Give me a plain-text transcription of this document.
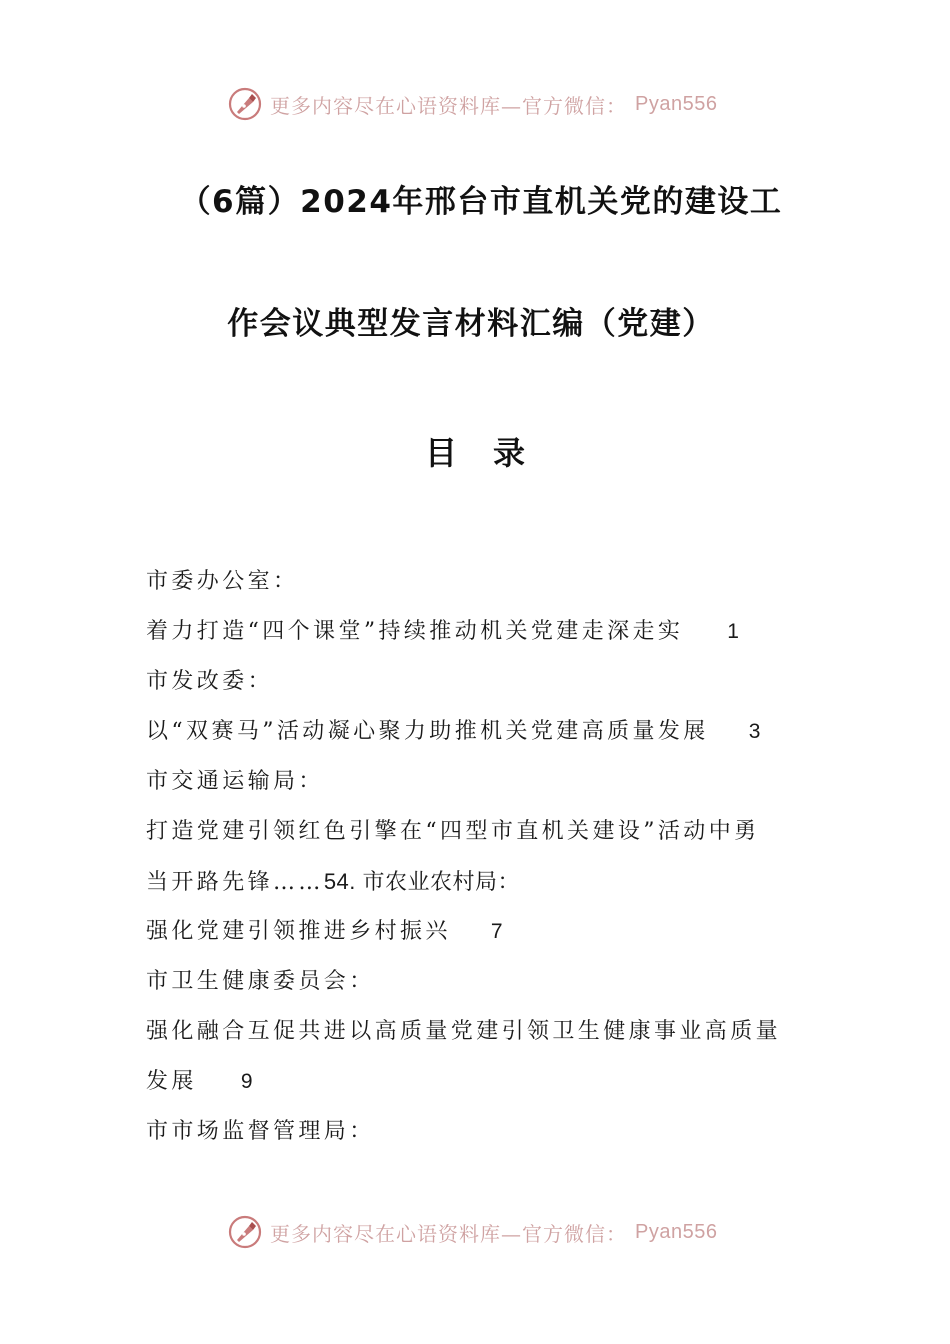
更多内容尽在心语资料库—官方微信： Pyan556
（6篇）2024年邢台市直机关党的建设工
作会议典型发言材料汇编（党建）
目录
市委办公室：
着力打造“四个课堂”持续推动机关党建走深走实 1
市发改委：
以“双赛马”活动凝心聚力助推机关党建高质量发展 3
市交通运输局：
打造党建引领红色引擎在“四型市直机关建设”活动中勇
当开路先锋……54. 市农业农村局：
强化党建引领推进乡村振兴 7
市卫生健康委员会：
强化融合互促共进以高质量党建引领卫生健康事业高质量
发展 9
市市场监督管理局：
更多内容尽在心语资料库—官方微信： Pyan556
